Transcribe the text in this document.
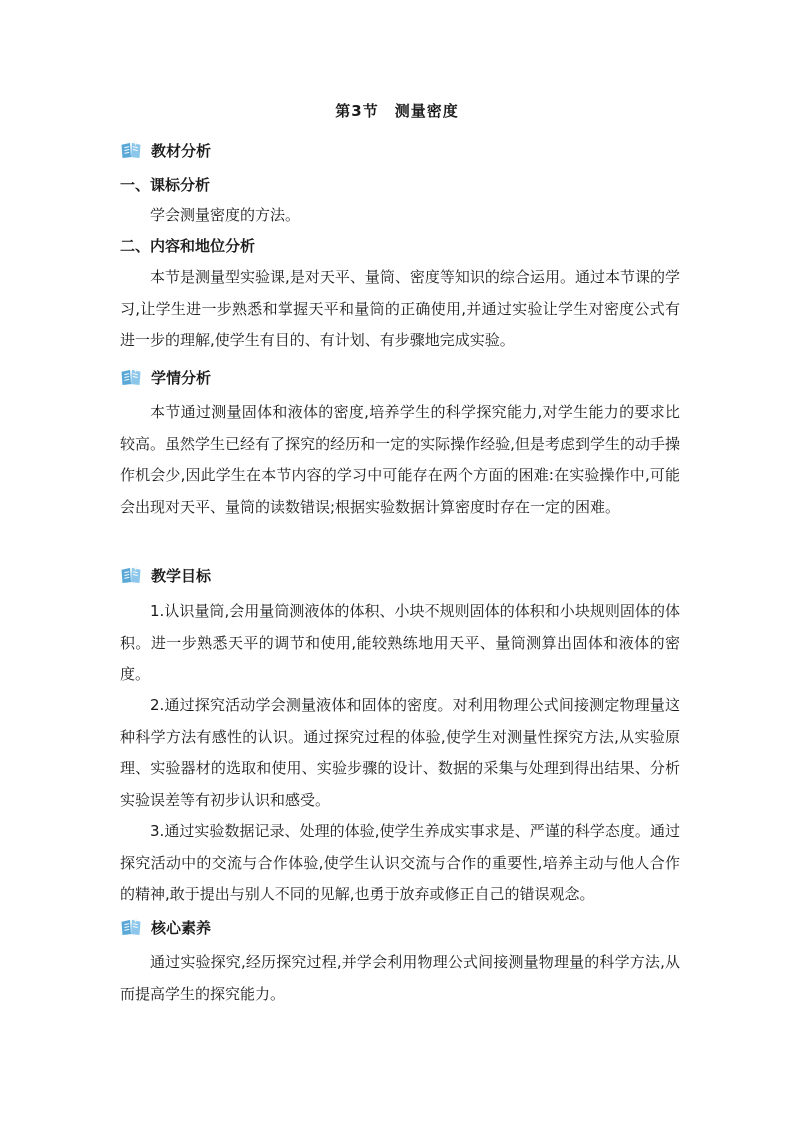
第3节　测量密度
教材分析
一、课标分析

学会测量密度的方法。

二、内容和地位分析

本节是测量型实验课,是对天平、量筒、密度等知识的综合运用。通过本节课的学习,让学生进一步熟悉和掌握天平和量筒的正确使用,并通过实验让学生对密度公式有进一步的理解,使学生有目的、有计划、有步骤地完成实验。

学情分析

本节通过测量固体和液体的密度,培养学生的科学探究能力,对学生能力的要求比较高。虽然学生已经有了探究的经历和一定的实际操作经验,但是考虑到学生的动手操作机会少,因此学生在本节内容的学习中可能存在两个方面的困难:在实验操作中,可能会出现对天平、量筒的读数错误;根据实验数据计算密度时存在一定的困难。

教学目标

1.认识量筒,会用量筒测液体的体积、小块不规则固体的体积和小块规则固体的体积。进一步熟悉天平的调节和使用,能较熟练地用天平、量筒测算出固体和液体的密度。

2.通过探究活动学会测量液体和固体的密度。对利用物理公式间接测定物理量这种科学方法有感性的认识。通过探究过程的体验,使学生对测量性探究方法,从实验原理、实验器材的选取和使用、实验步骤的设计、数据的采集与处理到得出结果、分析实验误差等有初步认识和感受。

3.通过实验数据记录、处理的体验,使学生养成实事求是、严谨的科学态度。通过探究活动中的交流与合作体验,使学生认识交流与合作的重要性,培养主动与他人合作的精神,敢于提出与别人不同的见解,也勇于放弃或修正自己的错误观念。

核心素养

通过实验探究,经历探究过程,并学会利用物理公式间接测量物理量的科学方法,从而提高学生的探究能力。
